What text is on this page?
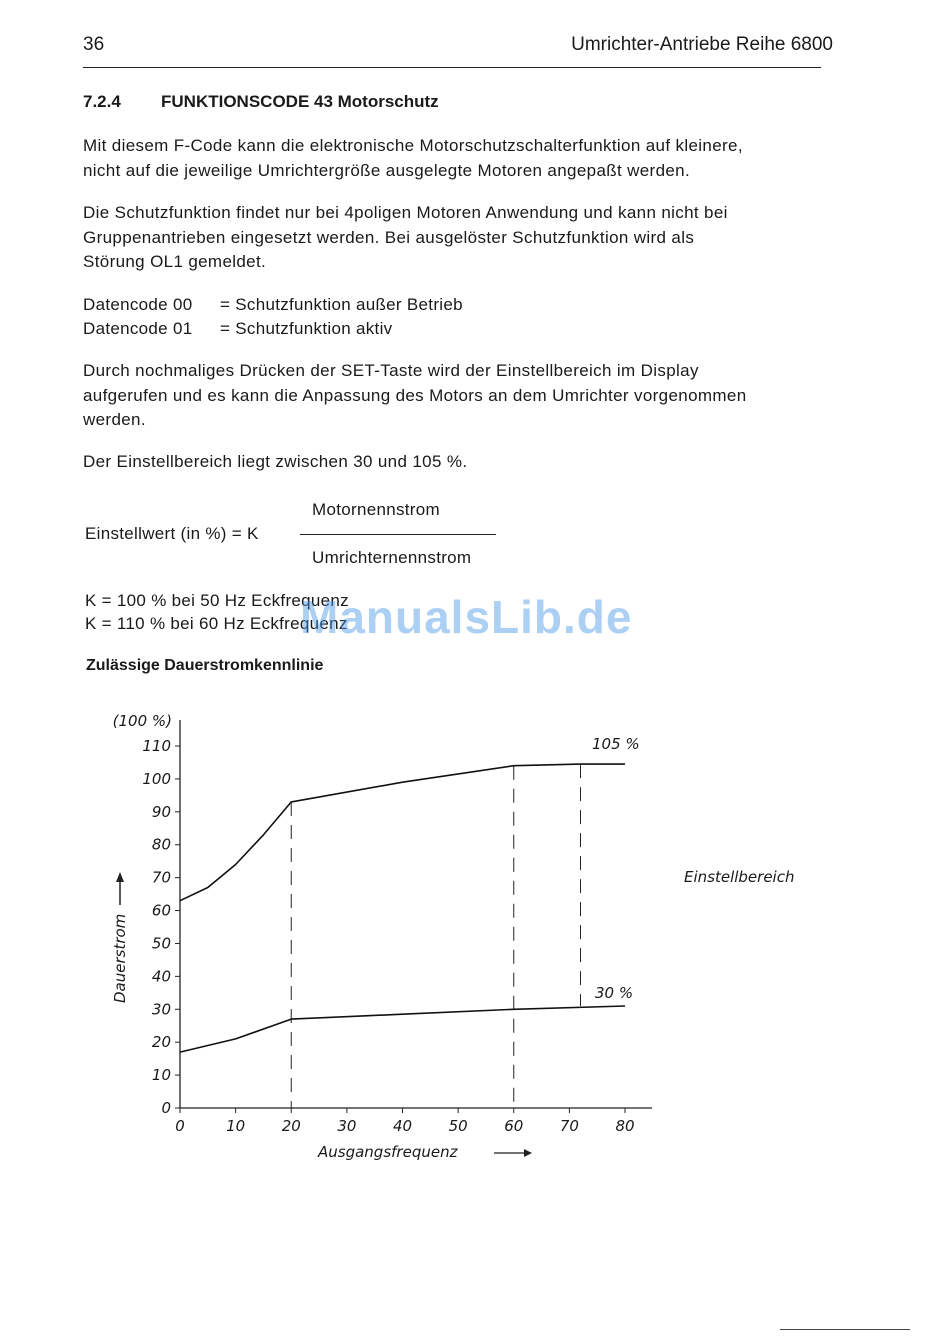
36	Umrichter-Antriebe Reihe 6800
7.2.4 FUNKTIONSCODE 43 Motorschutz
Mit diesem F-Code kann die elektronische Motorschutzschalterfunktion auf kleinere,
nicht auf die jeweilige Umrichtergröße ausgelegte Motoren angepaßt werden.
Die Schutzfunktion findet nur bei 4poligen Motoren Anwendung und kann nicht bei
Gruppenantrieben eingesetzt werden. Bei ausgelöster Schutzfunktion wird als
Störung OL1 gemeldet.
Datencode 00 = Schutzfunktion außer Betrieb
Datencode 01 = Schutzfunktion aktiv
Durch nochmaliges Drücken der SET-Taste wird der Einstellbereich im Display
aufgerufen und es kann die Anpassung des Motors an dem Umrichter vorgenommen
werden.
Der Einstellbereich liegt zwischen 30 und 105 %.
Einstellwert (in %) = K
Motornennstrom
Umrichternennstrom
K = 100 % bei 50 Hz Eckfrequenz
K = 110 % bei 60 Hz Eckfrequenz
ManualsLib.de
Zulässige Dauerstromkennlinie
0	10 20 30 40 50 60 70 80
0
10
20
30
40
50
60
70
80
90
100
110
(100 %)
105 %
30 %
Einstellbereich
Ausgangsfrequenz
Dauerstrom
